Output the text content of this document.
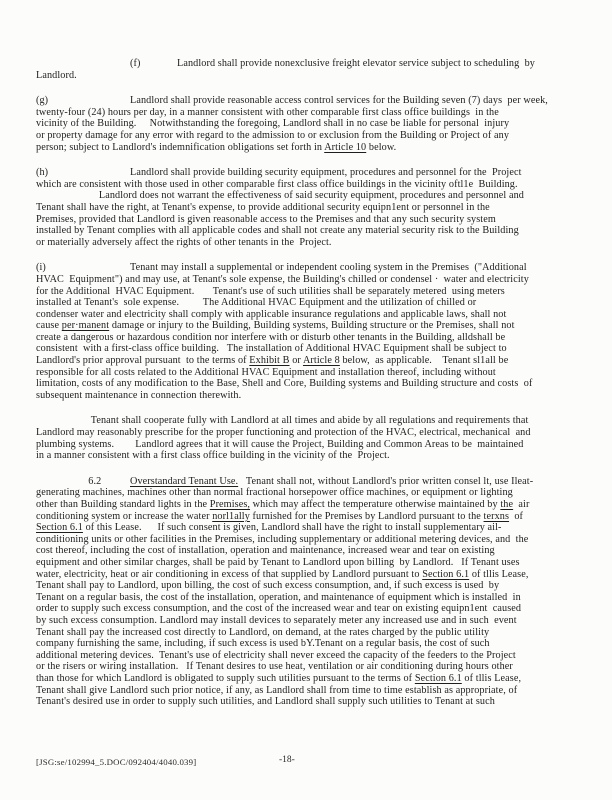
		(f)	Landlord shall provide nonexclusive freight elevator service subject to scheduling  by
Landlord.
(g)		Landlord shall provide reasonable access control services for the Building seven (7) days  per week,
twenty-four (24) hours per day, in a manner consistent with other comparable first class office buildings  in the
vicinity of the Building.     Notwithstanding the foregoing, Landlord shall in no case be liable for personal  injury
or property damage for any error with regard to the admission to or exclusion from the Building or Project of any
person; subject to Landlord's indemnification obligations set forth in Article 10 below.
(h)		Landlord shall provide building security equipment, procedures and personnel for the  Project
which are consistent with those used in other comparable first class office buildings in the vicinity oftl1e  Building.
	Landlord does not warrant the effectiveness of said security equipment, procedures and personnel and
Tenant shall have the right, at Tenant's expense, to provide additional security equipn1ent or personnel in the
Premises, provided that Landlord is given reasonable access to the Premises and that any such security system
installed by Tenant complies with all applicable codes and shall not create any material security risk to the Building
or materially adversely affect the rights of other tenants in the  Project.
(i)		Tenant may install a supplemental or independent cooling system in the Premises  ("Additional
HVAC  Equipment") and may use, at Tenant's sole expense, the Building's chilled or condensel ·  water and electricity
for the Additional  HVAC Equipment.       Tenant's use of such utilities shall be separately metered  using meters
installed at Tenant's  sole expense.         The Additional HVAC Equipment and the utilization of chilled or
condenser water and electricity shall comply with applicable insurance regulations and applicable laws, shall not
cause per·manent damage or injury to the Building, Building systems, Building structure or the Premises, shall not
create a dangerous or hazardous condition nor interfere with or disturb other tenants in the Building, alldshall be
consistent  with a first-class office building.   The installation of Additional HVAC Equipment shall be subject to
Landlord's prior approval pursuant  to the terms of Exhibit B or Article 8 below,  as applicable.    Tenant sl1all be
responsible for all costs related to the Additional HVAC Equipment and installation thereof, including without
limitation, costs of any modification to the Base, Shell and Core, Building systems and Building structure and costs  of
subsequent maintenance in connection therewith.
	Tenant shall cooperate fully with Landlord at all times and abide by all regulations and requirements that
Landlord may reasonably prescribe for the proper functioning and protection of the HVAC, electrical, mechanical  and
plumbing systems.        Landlord agrees that it will cause the Project, Building and Common Areas to be  maintained
in a manner consistent with a first class office building in the vicinity of the  Project.
	6.2	Overstandard Tenant Use.   Tenant shall not, without Landlord's prior written consel lt, use Ileat-
generating machines, machines other than normal fractional horsepower office machines, or equipment or lighting
other than Building standard lights in the Premises, which may affect the temperature otherwise maintained by the  air
conditioning system or increase the water norl1ally furnished for the Premises by Landlord pursuant to the terxns  of
Section 6.1 of this Lease.      If such consent is given, Landlord shall have the right to install supplementary ail-
conditioning units or other facilities in the Premises, including supplementary or additional metering devices, and  the
cost thereof, including the cost of installation, operation and maintenance, increased wear and tear on existing
equipment and other similar charges, shall be paid by Tenant to Landlord upon billing  by Landlord.   If Tenant uses
water, electricity, heat or air conditioning in excess of that supplied by Landlord pursuant to Section 6.1 of tllis Lease,
Tenant shall pay to Landlord, upon billing, the cost of such excess consumption, and, if such excess is used  by
Tenant on a regular basis, the cost of the installation, operation, and maintenance of equipment which is installed  in
order to supply such excess consumption, and the cost of the increased wear and tear on existing equipn1ent  caused
by such excess consumption. Landlord may install devices to separately meter any increased use and in such  event
Tenant shall pay the increased cost directly to Landlord, on demand, at the rates charged by the public utility
company furnishing the same, including, if such excess is used bY.Tenant on a regular basis, the cost of such
additional metering devices.  Tenant's use of electricity shall never exceed the capacity of the feeders to the Project
or the risers or wiring installation.   If Tenant desires to use heat, ventilation or air conditioning during hours other
than those for which Landlord is obligated to supply such utilities pursuant to the terms of Section 6.1 of tllis Lease,
Tenant shall give Landlord such prior notice, if any, as Landlord shall from time to time establish as appropriate, of
Tenant's desired use in order to supply such utilities, and Landlord shall supply such utilities to Tenant at such
[JSG:se/102994_5.DOC/092404/4040.039]	-18-
